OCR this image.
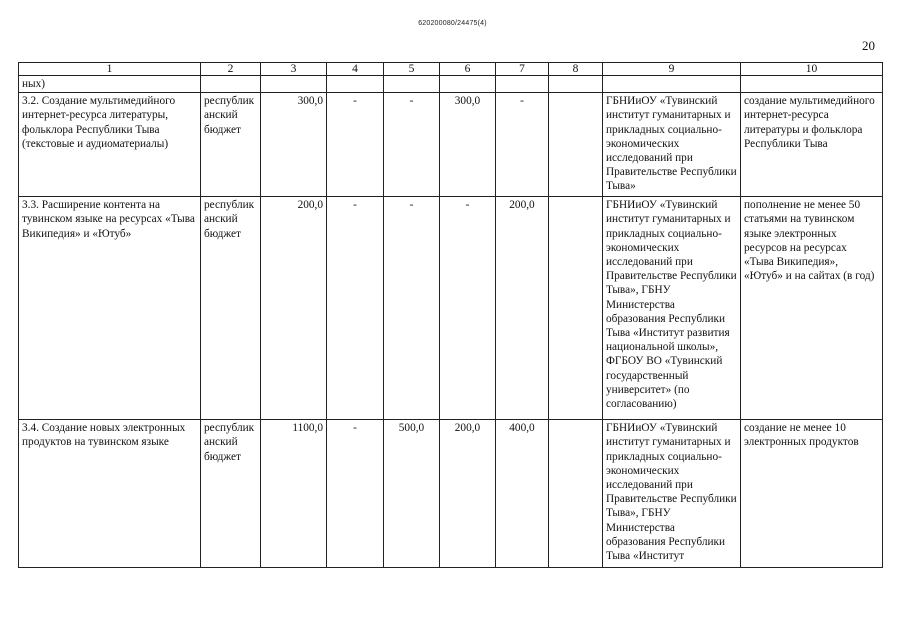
620200080/24475(4)
20
1	2	3	4	5	6	7	8	9	10
ных)									
3.2. Создание мультимедийного интернет-ресурса литературы, фольклора Республики Тыва (текстовые и аудиоматериалы)	республиканский бюджет	300,0	-	-	300,0	-		ГБНИиОУ «Тувинский институт гуманитарных и прикладных социально-экономических исследований при Правительстве Республики Тыва»	создание мультимедийного интернет-ресурса литературы и фольклора Республики Тыва
3.3. Расширение контента на тувинском языке на ресурсах «Тыва Википедия» и «Ютуб»	республиканский бюджет	200,0	-	-	-	200,0		ГБНИиОУ «Тувинский институт гуманитарных и прикладных социально-экономических исследований при Правительстве Республики Тыва», ГБНУ Министерства образования Республики Тыва «Институт развития национальной школы», ФГБОУ ВО «Тувинский государственный университет» (по согласованию)	пополнение не менее 50 статьями на тувинском языке электронных ресурсов на ресурсах «Тыва Википедия», «Ютуб» и на сайтах (в год)
3.4. Создание новых электронных продуктов на тувинском языке	республиканский бюджет	1100,0	-	500,0	200,0	400,0		ГБНИиОУ «Тувинский институт гуманитарных и прикладных социально-экономических исследований при Правительстве Республики Тыва», ГБНУ Министерства образования Республики Тыва «Институт	создание не менее 10 электронных продуктов
